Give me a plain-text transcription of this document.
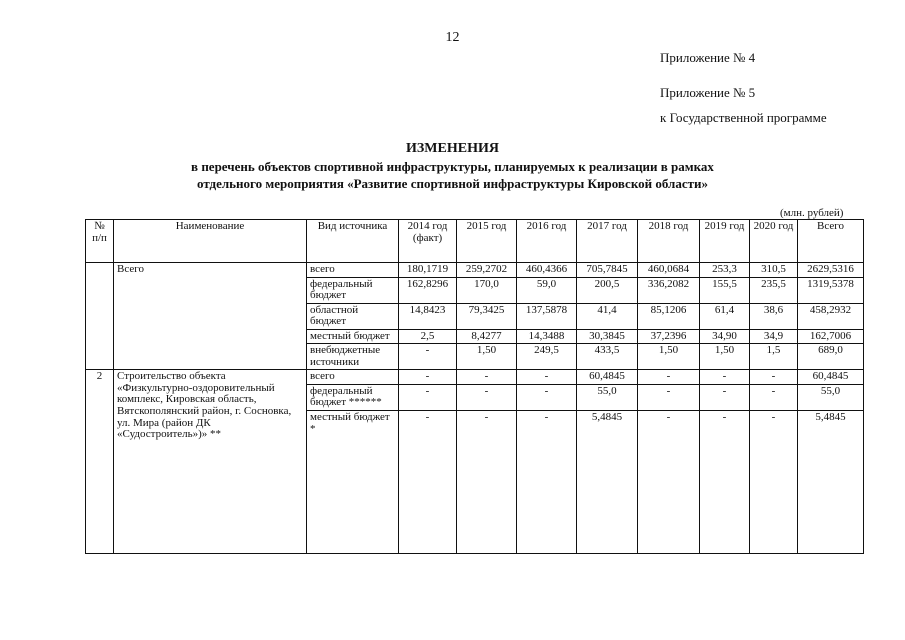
12
Приложение № 4
Приложение № 5
к Государственной программе
ИЗМЕНЕНИЯ
в перечень объектов спортивной инфраструктуры, планируемых к реализации в рамках
отдельного мероприятия «Развитие спортивной инфраструктуры Кировской области»
(млн. рублей)
№ п/п	Наименование	Вид источника	2014 год (факт)	2015 год	2016 год	2017 год	2018 год	2019 год	2020 год	Всего
	Всего	всего	180,1719	259,2702	460,4366	705,7845	460,0684	253,3	310,5	2629,5316
		федеральный бюджет	162,8296	170,0	59,0	200,5	336,2082	155,5	235,5	1319,5378
		областной бюджет	14,8423	79,3425	137,5878	41,4	85,1206	61,4	38,6	458,2932
		местный бюджет	2,5	8,4277	14,3488	30,3845	37,2396	34,90	34,9	162,7006
		внебюджетные источники	-	1,50	249,5	433,5	1,50	1,50	1,5	689,0
2	Строительство объекта «Физкультурно-оздоровительный комплекс, Кировская область, Вятскополянский район, г. Сосновка, ул. Мира (район ДК «Судостроитель»)» **	всего	-	-	-	60,4845	-	-	-	60,4845
		федеральный бюджет ******	-	-	-	55,0	-	-	-	55,0
		местный бюджет *	-	-	-	5,4845	-	-	-	5,4845
